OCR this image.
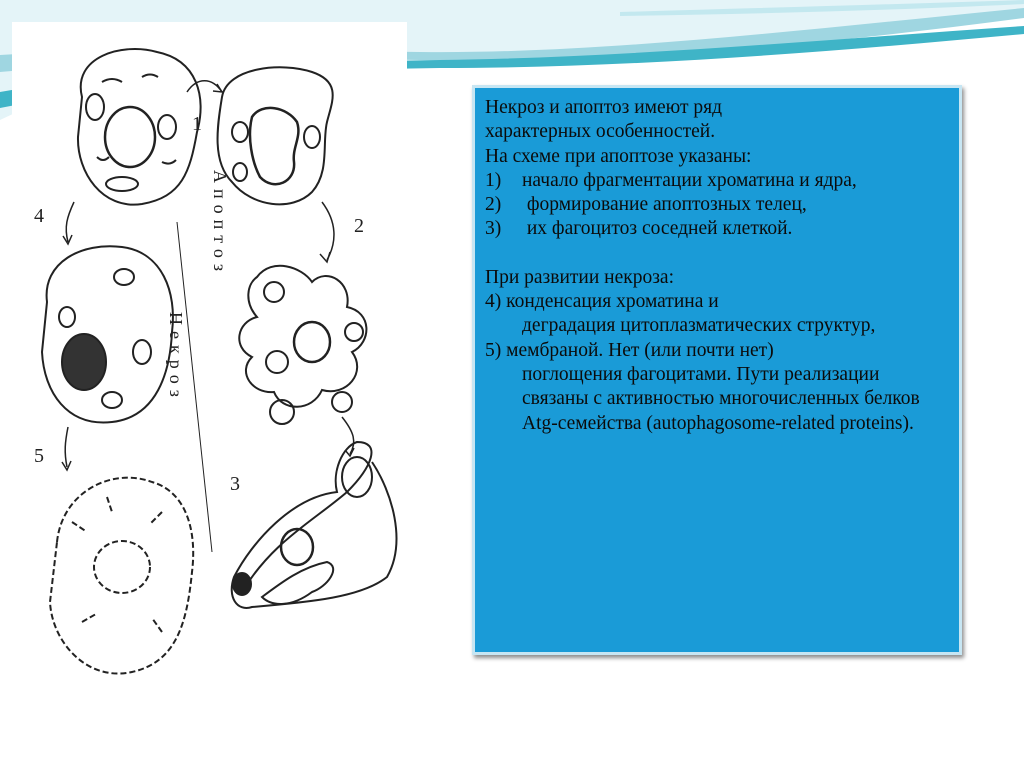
1
2
3
4
5
Апоптоз
Некроз

Некроз и апоптоз имеют ряд

характерных особенностей.

На схеме при апоптозе указаны:

1)	начало фрагментации хроматина и ядра,
2)	формирование апоптозных телец,
3)	их фагоцитоз соседней клеткой.

При развитии некроза:

4) конденсация хроматина и

деградация цитоплазматических структур,

5) мембраной. Нет (или почти нет)

поглощения фагоцитами. Пути реализации связаны с активностью многочисленных белков Atg-семейства (autophagosome-related proteins).
